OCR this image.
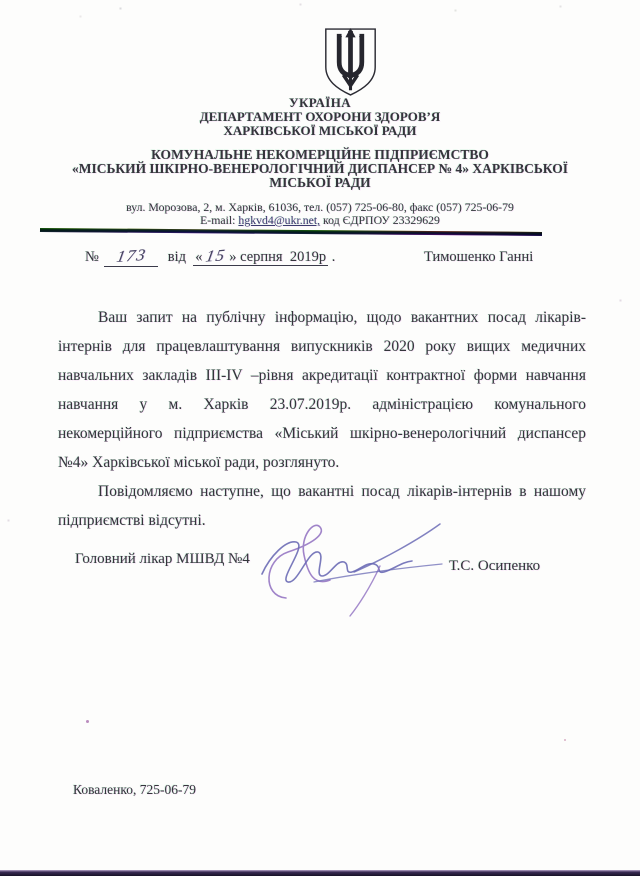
УКРАЇНА
ДЕПАРТАМЕНТ ОХОРОНИ ЗДОРОВ’Я
ХАРКІВСЬКОЇ МІСЬКОЇ РАДИ
КОМУНАЛЬНЕ НЕКОМЕРЦІЙНЕ ПІДПРИЄМСТВО
«МІСЬКИЙ ШКІРНО-ВЕНЕРОЛОГІЧНИЙ ДИСПАНСЕР № 4» ХАРКІВСЬКОЇ
МІСЬКОЇ РАДИ
вул. Морозова, 2, м. Харків, 61036, тел. (057) 725-06-80, факс (057) 725-06-79
E-mail: hgkvd4@ukr.net, код ЄДРПОУ 23329629
№ 173  від  « 15 » серпня  2019р .	Тимошенко Ганні

Ваш запит на публічну інформацію, щодо вакантних посад лікарів-інтернів для працевлаштування випускників 2020 року вищих медичних навчальних закладів III-IV –рівня акредитації контрактної форми навчання навчання у м. Харків 23.07.2019р. адміністрацією комунального некомерційного підприємства «Міський шкірно-венерологічний диспансер №4» Харківської міської ради, розглянуто.

Повідомляємо наступне, що вакантні посад лікарів-інтернів в нашому підприємстві відсутні.

Головний лікар МШВД №4	Т.С. Осипенко
Коваленко, 725-06-79
